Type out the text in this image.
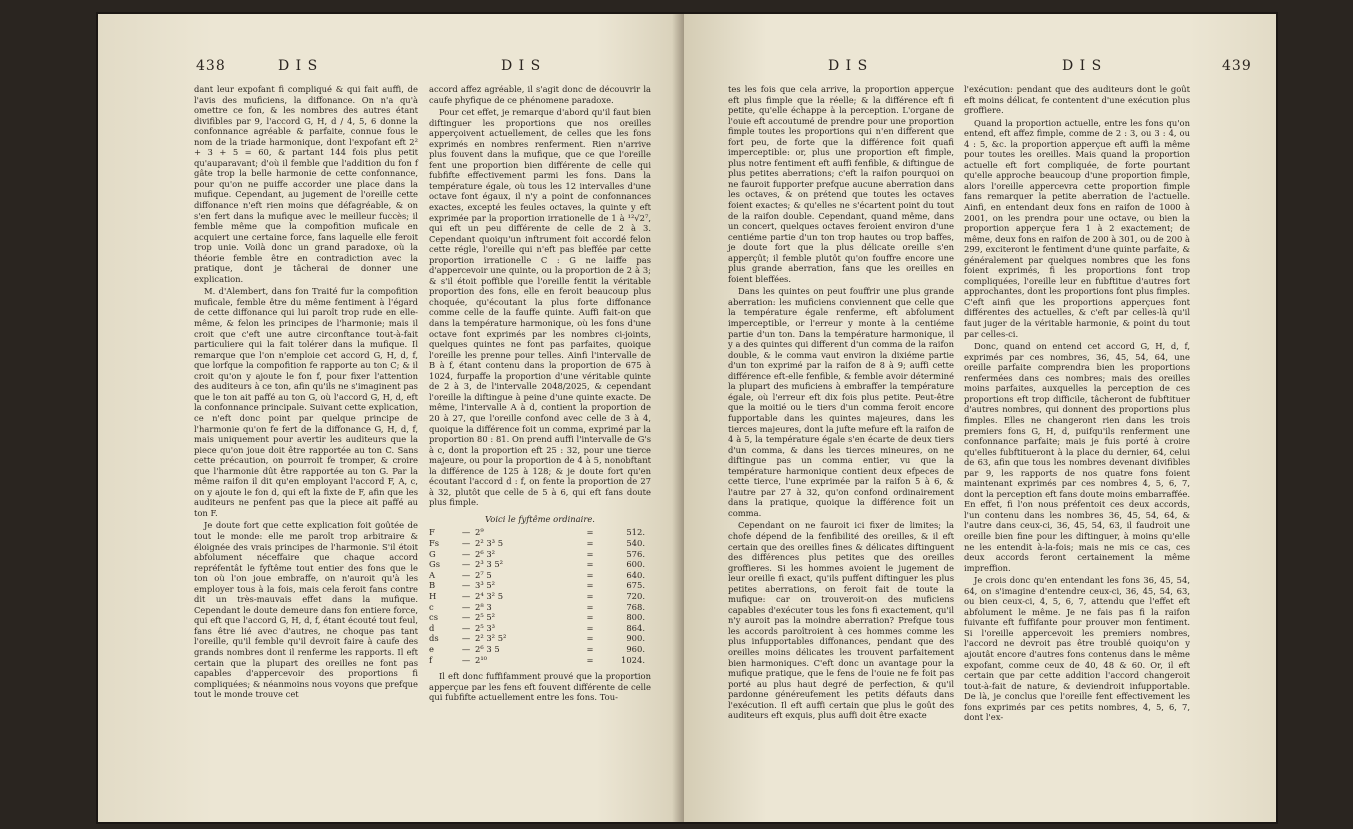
438	D I S	D I S

dant leur expofant fi compliqué & qui fait auffi, de l'avis des muficiens, la diffonance. On n'a qu'à omettre ce fon, & les nombres des autres étant divifibles par 9, l'accord G, H, d / 4, 5, 6 donne la confonnance agréable & parfaite, connue fous le nom de la triade harmonique, dont l'expofant eft 2² + 3 + 5 = 60, & partant 144 fois plus petit qu'auparavant; d'où il femble que l'addition du fon f gâte trop la belle harmonie de cette confonnance, pour qu'on ne puiffe accorder une place dans la mufique. Cependant, au jugement de l'oreille cette diffonance n'eft rien moins que défagréable, & on s'en fert dans la mufique avec le meilleur fuccès; il femble même que la compofition muficale en acquiert une certaine force, fans laquelle elle feroit trop unie. Voilà donc un grand paradoxe, où la théorie femble être en contradiction avec la pratique, dont je tâcherai de donner une explication.

M. d'Alembert, dans fon Traité fur la compofition muficale, femble être du même fentiment à l'égard de cette diffonance qui lui paroît trop rude en elle-même, & felon les principes de l'harmonie; mais il croit que c'eft une autre circonftance tout-à-fait particuliere qui la fait tolérer dans la mufique. Il remarque que l'on n'emploie cet accord G, H, d, f, que lorfque la compofition fe rapporte au ton C; & il croit qu'on y ajoute le fon f, pour fixer l'attention des auditeurs à ce ton, afin qu'ils ne s'imaginent pas que le ton ait paffé au ton G, où l'accord G, H, d, eft la confonnance principale. Suivant cette explication, ce n'eft donc point par quelque principe de l'harmonie qu'on fe fert de la diffonance G, H, d, f, mais uniquement pour avertir les auditeurs que la piece qu'on joue doit être rapportée au ton C. Sans cette précaution, on pourroit fe tromper, & croire que l'harmonie dût être rapportée au ton G. Par la même raifon il dit qu'en employant l'accord F, A, c, on y ajoute le fon d, qui eft la fixte de F, afin que les auditeurs ne penfent pas que la piece ait paffé au ton F.

Je doute fort que cette explication foit goûtée de tout le monde: elle me paroît trop arbitraire & éloignée des vrais principes de l'harmonie. S'il étoit abfolument néceffaire que chaque accord repréfentât le fyftême tout entier des fons que le ton où l'on joue embraffe, on n'auroit qu'à les employer tous à la fois, mais cela feroit fans contre dit un très-mauvais effet dans la mufique. Cependant le doute demeure dans fon entiere force, qui eft que l'accord G, H, d, f, étant écouté tout feul, fans être lié avec d'autres, ne choque pas tant l'oreille, qu'il femble qu'il devroit faire à caufe des grands nombres dont il renferme les rapports. Il eft certain que la plupart des oreilles ne font pas capables d'appercevoir des proportions fi compliquées; & néanmoins nous voyons que prefque tout le monde trouve cet

accord affez agréable, il s'agit donc de découvrir la caufe phyfique de ce phénomene paradoxe.

Pour cet effet, je remarque d'abord qu'il faut bien diftinguer les proportions que nos oreilles apperçoivent actuellement, de celles que les fons exprimés en nombres renferment. Rien n'arrive plus fouvent dans la mufique, que ce que l'oreille fent une proportion bien différente de celle qui fubfifte effectivement parmi les fons. Dans la température égale, où tous les 12 intervalles d'une octave font égaux, il n'y a point de confonnances exactes, excepté les feules octaves, la quinte y eft exprimée par la proportion irrationelle de 1 à ¹²√2⁷, qui eft un peu différente de celle de 2 à 3. Cependant quoiqu'un inftrument foit accordé felon cette régle, l'oreille qui n'eft pas bleffée par cette proportion irrationelle C : G ne laiffe pas d'appercevoir une quinte, ou la proportion de 2 à 3; & s'il étoit poffible que l'oreille fentit la véritable proportion des fons, elle en feroit beaucoup plus choquée, qu'écoutant la plus forte diffonance comme celle de la fauffe quinte. Auffi fait-on que dans la température harmonique, où les fons d'une octave font exprimés par les nombres ci-joints, quelques quintes ne font pas parfaites, quoique l'oreille les prenne pour telles. Ainfi l'intervalle de B à f, étant contenu dans la proportion de 675 à 1024, furpaffe la proportion d'une véritable quinte de 2 à 3, de l'intervalle 2048/2025, & cependant l'oreille la diftingue à peine d'une quinte exacte. De même, l'intervalle A à d, contient la proportion de 20 à 27, que l'oreille confond avec celle de 3 à 4, quoique la différence foit un comma, exprimé par la proportion 80 : 81. On prend auffi l'intervalle de G's à c, dont la proportion eft 25 : 32, pour une tierce majeure, ou pour la proportion de 4 à 5, nonobftant la différence de 125 à 128; & je doute fort qu'en écoutant l'accord d : f, on fente la proportion de 27 à 32, plutôt que celle de 5 à 6, qui eft fans doute plus fimple.

Voici le fyftême ordinaire.
F	— 2⁹	=	512.
Fs	— 2² 3³ 5	=	540.
G	— 2⁶ 3²	=	576.
Gs	— 2³ 3 5²	=	600.
A	— 2⁷ 5	=	640.
B	— 3³ 5²	=	675.
H	— 2⁴ 3² 5	=	720.
c	— 2⁸ 3	=	768.
cs	— 2⁵ 5²	=	800.
d	— 2⁵ 3³	=	864.
ds	— 2² 3² 5²	=	900.
e	— 2⁶ 3 5	=	960.
f	— 2¹⁰	=	1024.

Il eft donc fuffifamment prouvé que la proportion apperçue par les fens eft fouvent différente de celle qui fubfifte actuellement entre les fons. Tou-

D I S	D I S	439

tes les fois que cela arrive, la proportion apperçue eft plus fimple que la réelle; & la différence eft fi petite, qu'elle échappe à la perception. L'organe de l'ouie eft accoutumé de prendre pour une proportion fimple toutes les proportions qui n'en different que fort peu, de forte que la différence foit quafi imperceptible: or, plus une proportion eft fimple, plus notre fentiment eft auffi fenfible, & diftingue de plus petites aberrations; c'eft la raifon pourquoi on ne fauroit fupporter prefque aucune aberration dans les octaves, & on prétend que toutes les octaves foient exactes; & qu'elles ne s'écartent point du tout de la raifon double. Cependant, quand même, dans un concert, quelques octaves feroient environ d'une centiéme partie d'un ton trop hautes ou trop baffes, je doute fort que la plus délicate oreille s'en apperçût; il femble plutôt qu'on fouffre encore une plus grande aberration, fans que les oreilles en foient bleffées.

Dans les quintes on peut fouffrir une plus grande aberration: les muficiens conviennent que celle que la température égale renferme, eft abfolument imperceptible, or l'erreur y monte à la centiéme partie d'un ton. Dans la température harmonique, il y a des quintes qui different d'un comma de la raifon double, & le comma vaut environ la dixiéme partie d'un ton exprimé par la raifon de 8 à 9; auffi cette différence eft-elle fenfible, & femble avoir déterminé la plupart des muficiens à embraffer la température égale, où l'erreur eft dix fois plus petite. Peut-être que la moitié ou le tiers d'un comma feroit encore fupportable dans les quintes majeures, dans les tierces majeures, dont la jufte mefure eft la raifon de 4 à 5, la température égale s'en écarte de deux tiers d'un comma, & dans les tierces mineures, on ne diftingue pas un comma entier, vu que la température harmonique contient deux efpeces de cette tierce, l'une exprimée par la raifon 5 à 6, & l'autre par 27 à 32, qu'on confond ordinairement dans la pratique, quoique la différence foit un comma.

Cependant on ne fauroit ici fixer de limites; la chofe dépend de la fenfibilité des oreilles, & il eft certain que des oreilles fines & délicates diftinguent des différences plus petites que des oreilles groffieres. Si les hommes avoient le jugement de leur oreille fi exact, qu'ils puffent diftinguer les plus petites aberrations, on feroit fait de toute la mufique: car on trouveroit-on des muficiens capables d'exécuter tous les fons fi exactement, qu'il n'y auroit pas la moindre aberration? Prefque tous les accords paroîtroient à ces hommes comme les plus infupportables diffonances, pendant que des oreilles moins délicates les trouvent parfaitement bien harmoniques. C'eft donc un avantage pour la mufique pratique, que le fens de l'ouie ne fe foit pas porté au plus haut degré de perfection, & qu'il pardonne généreufement les petits défauts dans l'exécution. Il eft auffi certain que plus le goût des auditeurs eft exquis, plus auffi doit être exacte

l'exécution: pendant que des auditeurs dont le goût eft moins délicat, fe contentent d'une exécution plus groffiere.

Quand la proportion actuelle, entre les fons qu'on entend, eft affez fimple, comme de 2 : 3, ou 3 : 4, ou 4 : 5, &c. la proportion apperçue eft auffi la même pour toutes les oreilles. Mais quand la proportion actuelle eft fort compliquée, de forte pourtant qu'elle approche beaucoup d'une proportion fimple, alors l'oreille appercevra cette proportion fimple fans remarquer la petite aberration de l'actuelle. Ainfi, en entendant deux fons en raifon de 1000 à 2001, on les prendra pour une octave, ou bien la proportion apperçue fera 1 à 2 exactement; de même, deux fons en raifon de 200 à 301, ou de 200 à 299, exciteront le fentiment d'une quinte parfaite, & généralement par quelques nombres que les fons foient exprimés, fi les proportions font trop compliquées, l'oreille leur en fubftitue d'autres fort approchantes, dont les proportions font plus fimples. C'eft ainfi que les proportions apperçues font différentes des actuelles, & c'eft par celles-là qu'il faut juger de la véritable harmonie, & point du tout par celles-ci.

Donc, quand on entend cet accord G, H, d, f, exprimés par ces nombres, 36, 45, 54, 64, une oreille parfaite comprendra bien les proportions renfermées dans ces nombres; mais des oreilles moins parfaites, auxquelles la perception de ces proportions eft trop difficile, tâcheront de fubftituer d'autres nombres, qui donnent des proportions plus fimples. Elles ne changeront rien dans les trois premiers fons G, H, d, puifqu'ils renferment une confonnance parfaite; mais je fuis porté à croire qu'elles fubftitueront à la place du dernier, 64, celui de 63, afin que tous les nombres devenant divifibles par 9, les rapports de nos quatre fons foient maintenant exprimés par ces nombres 4, 5, 6, 7, dont la perception eft fans doute moins embarraffée. En effet, fi l'on nous préfentoit ces deux accords, l'un contenu dans les nombres 36, 45, 54, 64, & l'autre dans ceux-ci, 36, 45, 54, 63, il faudroit une oreille bien fine pour les diftinguer, à moins qu'elle ne les entendit à-la-fois; mais ne mis ce cas, ces deux accords feront certainement la même impreffion.

Je crois donc qu'en entendant les fons 36, 45, 54, 64, on s'imagine d'entendre ceux-ci, 36, 45, 54, 63, ou bien ceux-ci, 4, 5, 6, 7, attendu que l'effet eft abfolument le même. Je ne fais pas fi la raifon fuivante eft fuffifante pour prouver mon fentiment. Si l'oreille appercevoit les premiers nombres, l'accord ne devroit pas être troublé quoiqu'on y ajoutât encore d'autres fons contenus dans le même expofant, comme ceux de 40, 48 & 60. Or, il eft certain que par cette addition l'accord changeroit tout-à-fait de nature, & deviendroit infupportable. De là, je conclus que l'oreille fent effectivement les fons exprimés par ces petits nombres, 4, 5, 6, 7, dont l'ex-
